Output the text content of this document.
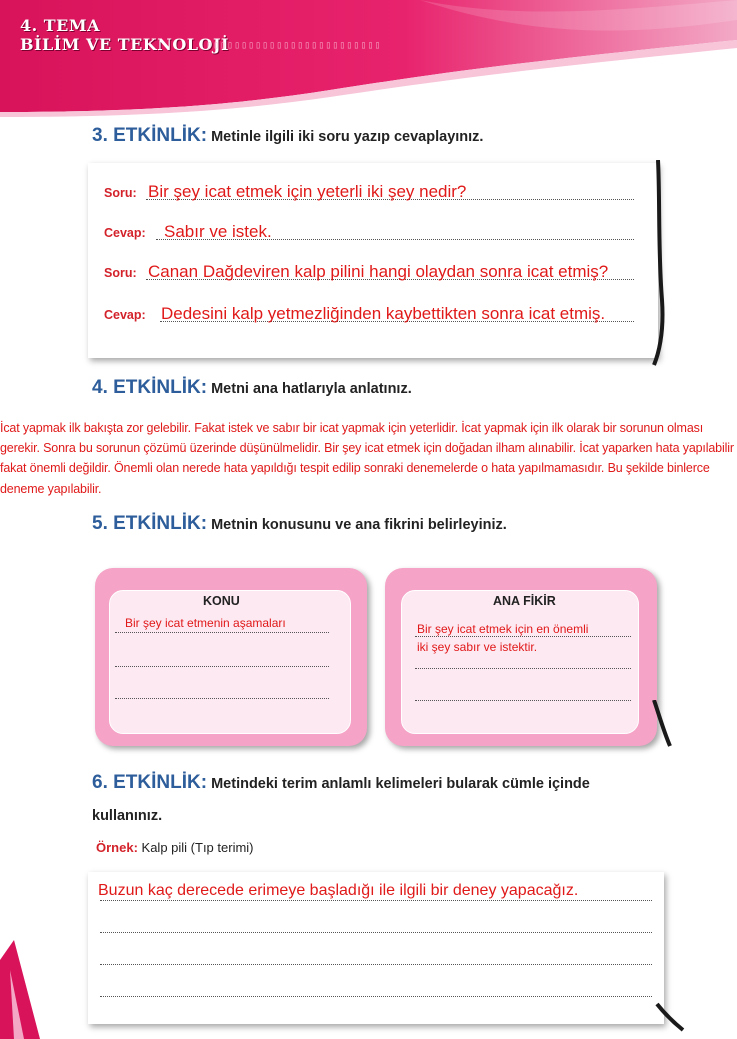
4. TEMA
BİLİM VE TEKNOLOJİ
▯▯▯▯▯▯▯▯▯▯▯▯▯▯▯▯▯▯▯▯▯▯▯▯▯
3. ETKİNLİK: Metinle ilgili iki soru yazıp cevaplayınız.
Soru: Bir şey icat etmek için yeterli iki şey nedir?
Cevap: Sabır ve istek.
Soru: Canan Dağdeviren kalp pilini hangi olaydan sonra icat etmiş?
Cevap: Dedesini kalp yetmezliğinden kaybettikten sonra icat etmiş.
4. ETKİNLİK: Metni ana hatlarıyla anlatınız.

İcat yapmak ilk bakışta zor gelebilir. Fakat istek ve sabır bir icat yapmak için yeterlidir. İcat yapmak için ilk olarak bir sorunun olması gerekir. Sonra bu sorunun çözümü üzerinde düşünülmelidir. Bir şey icat etmek için doğadan ilham alınabilir. İcat yaparken hata yapılabilir fakat önemli değildir. Önemli olan nerede hata yapıldığı tespit edilip sonraki denemelerde o hata yapılmamasıdır. Bu şekilde binlerce deneme yapılabilir.

5. ETKİNLİK: Metnin konusunu ve ana fikrini belirleyiniz.
KONU
Bir şey icat etmenin aşamaları
ANA FİKİR
Bir şey icat etmek için en önemli
iki şey sabır ve istektir.
6. ETKİNLİK: Metindeki terim anlamlı kelimeleri bularak cümle içinde
kullanınız.
Örnek: Kalp pili (Tıp terimi)
Buzun kaç derecede erimeye başladığı ile ilgili bir deney yapacağız.
